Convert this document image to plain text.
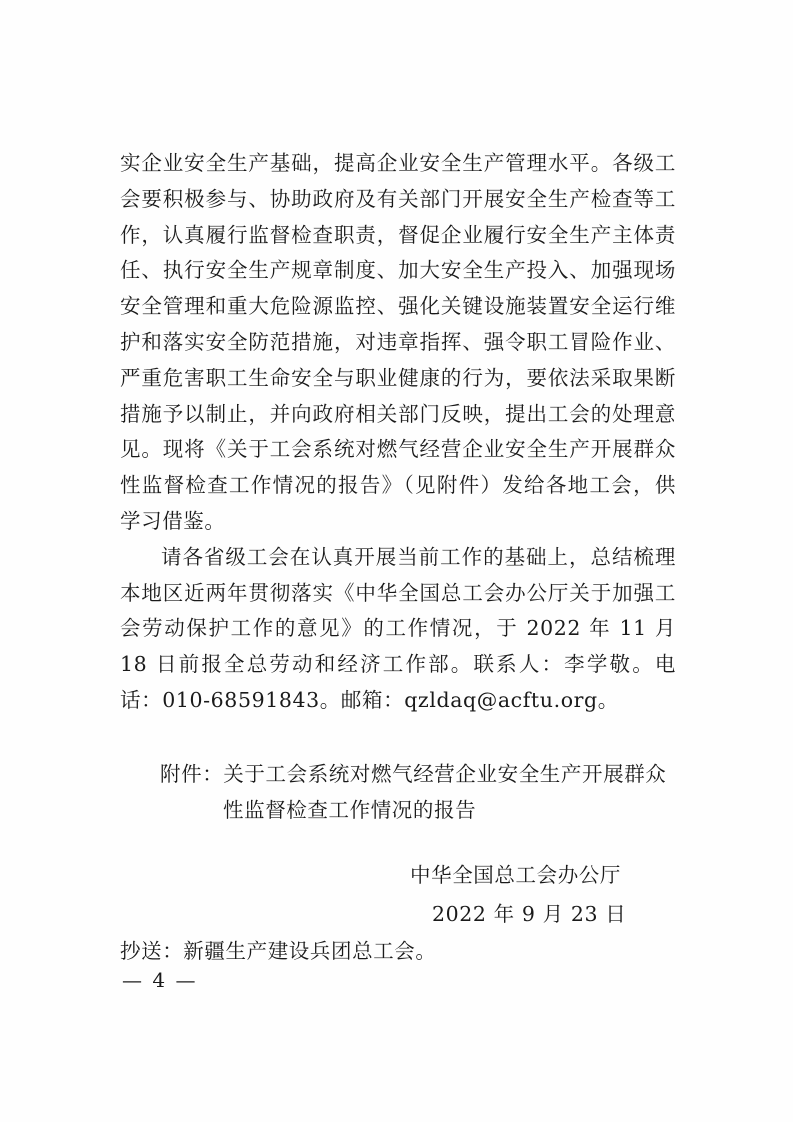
实企业安全生产基础，提高企业安全生产管理水平。各级工会要积极参与、协助政府及有关部门开展安全生产检查等工作，认真履行监督检查职责，督促企业履行安全生产主体责任、执行安全生产规章制度、加大安全生产投入、加强现场安全管理和重大危险源监控、强化关键设施装置安全运行维护和落实安全防范措施，对违章指挥、强令职工冒险作业、严重危害职工生命安全与职业健康的行为，要依法采取果断措施予以制止，并向政府相关部门反映，提出工会的处理意见。现将《关于工会系统对燃气经营企业安全生产开展群众性监督检查工作情况的报告》（见附件）发给各地工会，供学习借鉴。

请各省级工会在认真开展当前工作的基础上，总结梳理本地区近两年贯彻落实《中华全国总工会办公厅关于加强工会劳动保护工作的意见》的工作情况，于 2022 年 11 月 18 日前报全总劳动和经济工作部。联系人：李学敬。电话：010-68591843。邮箱：qzldaq@acftu.org。

附件：关于工会系统对燃气经营企业安全生产开展群众
性监督检查工作情况的报告
中华全国总工会办公厅
2022 年 9 月 23 日
抄送：新疆生产建设兵团总工会。
— 4 —
